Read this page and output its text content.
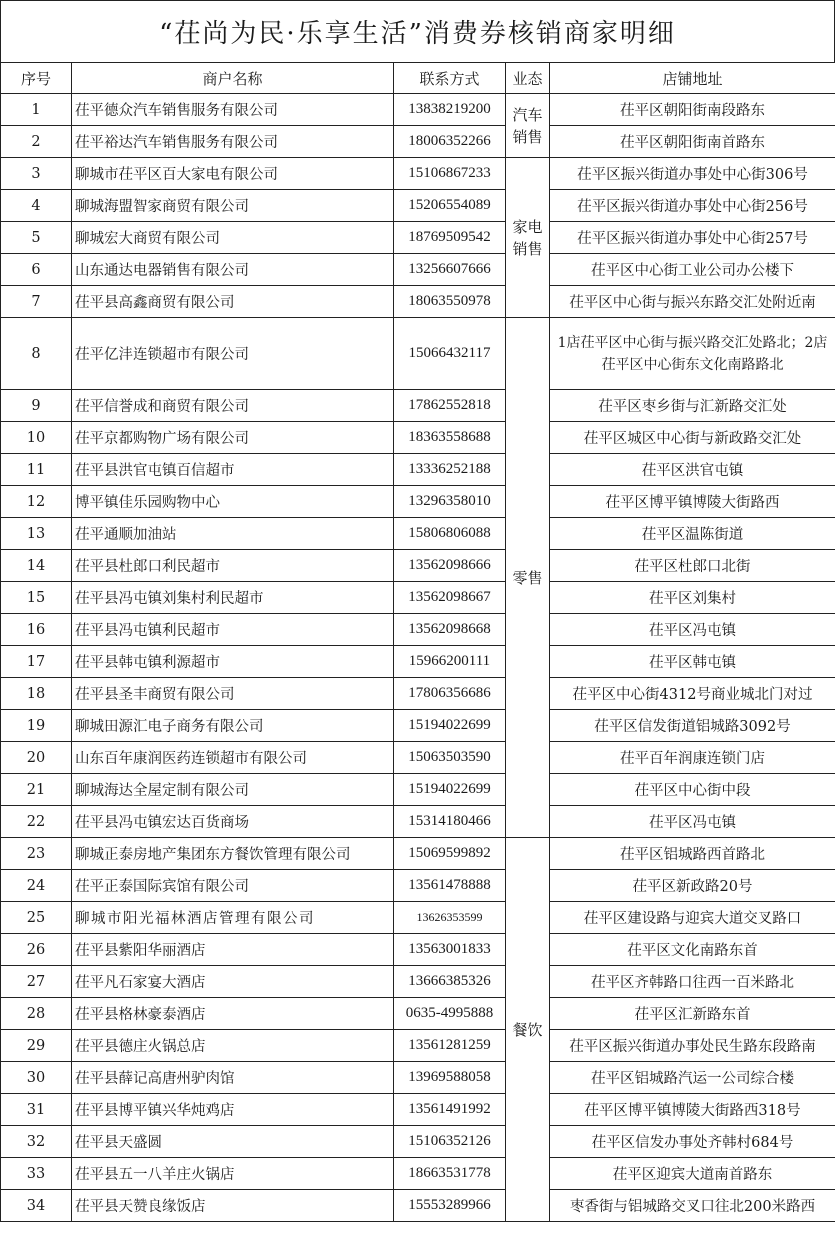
“茌尚为民·乐享生活”消费券核销商家明细
序号	商户名称	联系方式	业态	店铺地址
1	茌平德众汽车销售服务有限公司	13838219200	汽车销售	茌平区朝阳街南段路东
2	茌平裕达汽车销售服务有限公司	18006352266		茌平区朝阳街南首路东
3	聊城市茌平区百大家电有限公司	15106867233	家电销售	茌平区振兴街道办事处中心街306号
4	聊城海盟智家商贸有限公司	15206554089		茌平区振兴街道办事处中心街256号
5	聊城宏大商贸有限公司	18769509542		茌平区振兴街道办事处中心街257号
6	山东通达电器销售有限公司	13256607666		茌平区中心街工业公司办公楼下
7	茌平县高鑫商贸有限公司	18063550978		茌平区中心街与振兴东路交汇处附近南
8	茌平亿沣连锁超市有限公司	15066432117	零售	1店茌平区中心街与振兴路交汇处路北；2店茌平区中心街东文化南路路北
9	茌平信誉成和商贸有限公司	17862552818		茌平区枣乡街与汇新路交汇处
10	茌平京都购物广场有限公司	18363558688		茌平区城区中心街与新政路交汇处
11	茌平县洪官屯镇百信超市	13336252188		茌平区洪官屯镇
12	博平镇佳乐园购物中心	13296358010		茌平区博平镇博陵大街路西
13	茌平通顺加油站	15806806088		茌平区温陈街道
14	茌平县杜郎口利民超市	13562098666		茌平区杜郎口北街
15	茌平县冯屯镇刘集村利民超市	13562098667		茌平区刘集村
16	茌平县冯屯镇利民超市	13562098668		茌平区冯屯镇
17	茌平县韩屯镇利源超市	15966200111		茌平区韩屯镇
18	茌平县圣丰商贸有限公司	17806356686		茌平区中心街4312号商业城北门对过
19	聊城田源汇电子商务有限公司	15194022699		茌平区信发街道铝城路3092号
20	山东百年康润医药连锁超市有限公司	15063503590		茌平百年润康连锁门店
21	聊城海达全屋定制有限公司	15194022699		茌平区中心街中段
22	茌平县冯屯镇宏达百货商场	15314180466		茌平区冯屯镇
23	聊城正泰房地产集团东方餐饮管理有限公司	15069599892	餐饮	茌平区铝城路西首路北
24	茌平正泰国际宾馆有限公司	13561478888		茌平区新政路20号
25	聊城市阳光福林酒店管理有限公司	13626353599		茌平区建设路与迎宾大道交叉路口
26	茌平县紫阳华丽酒店	13563001833		茌平区文化南路东首
27	茌平凡石家宴大酒店	13666385326		茌平区齐韩路口往西一百米路北
28	茌平县格林豪泰酒店	0635-4995888		茌平区汇新路东首
29	茌平县德庄火锅总店	13561281259		茌平区振兴街道办事处民生路东段路南
30	茌平县薛记高唐州驴肉馆	13969588058		茌平区铝城路汽运一公司综合楼
31	茌平县博平镇兴华炖鸡店	13561491992		茌平区博平镇博陵大街路西318号
32	茌平县天盛圆	15106352126		茌平区信发办事处齐韩村684号
33	茌平县五一八羊庄火锅店	18663531778		茌平区迎宾大道南首路东
34	茌平县天赞良缘饭店	15553289966		枣香街与铝城路交叉口往北200米路西
